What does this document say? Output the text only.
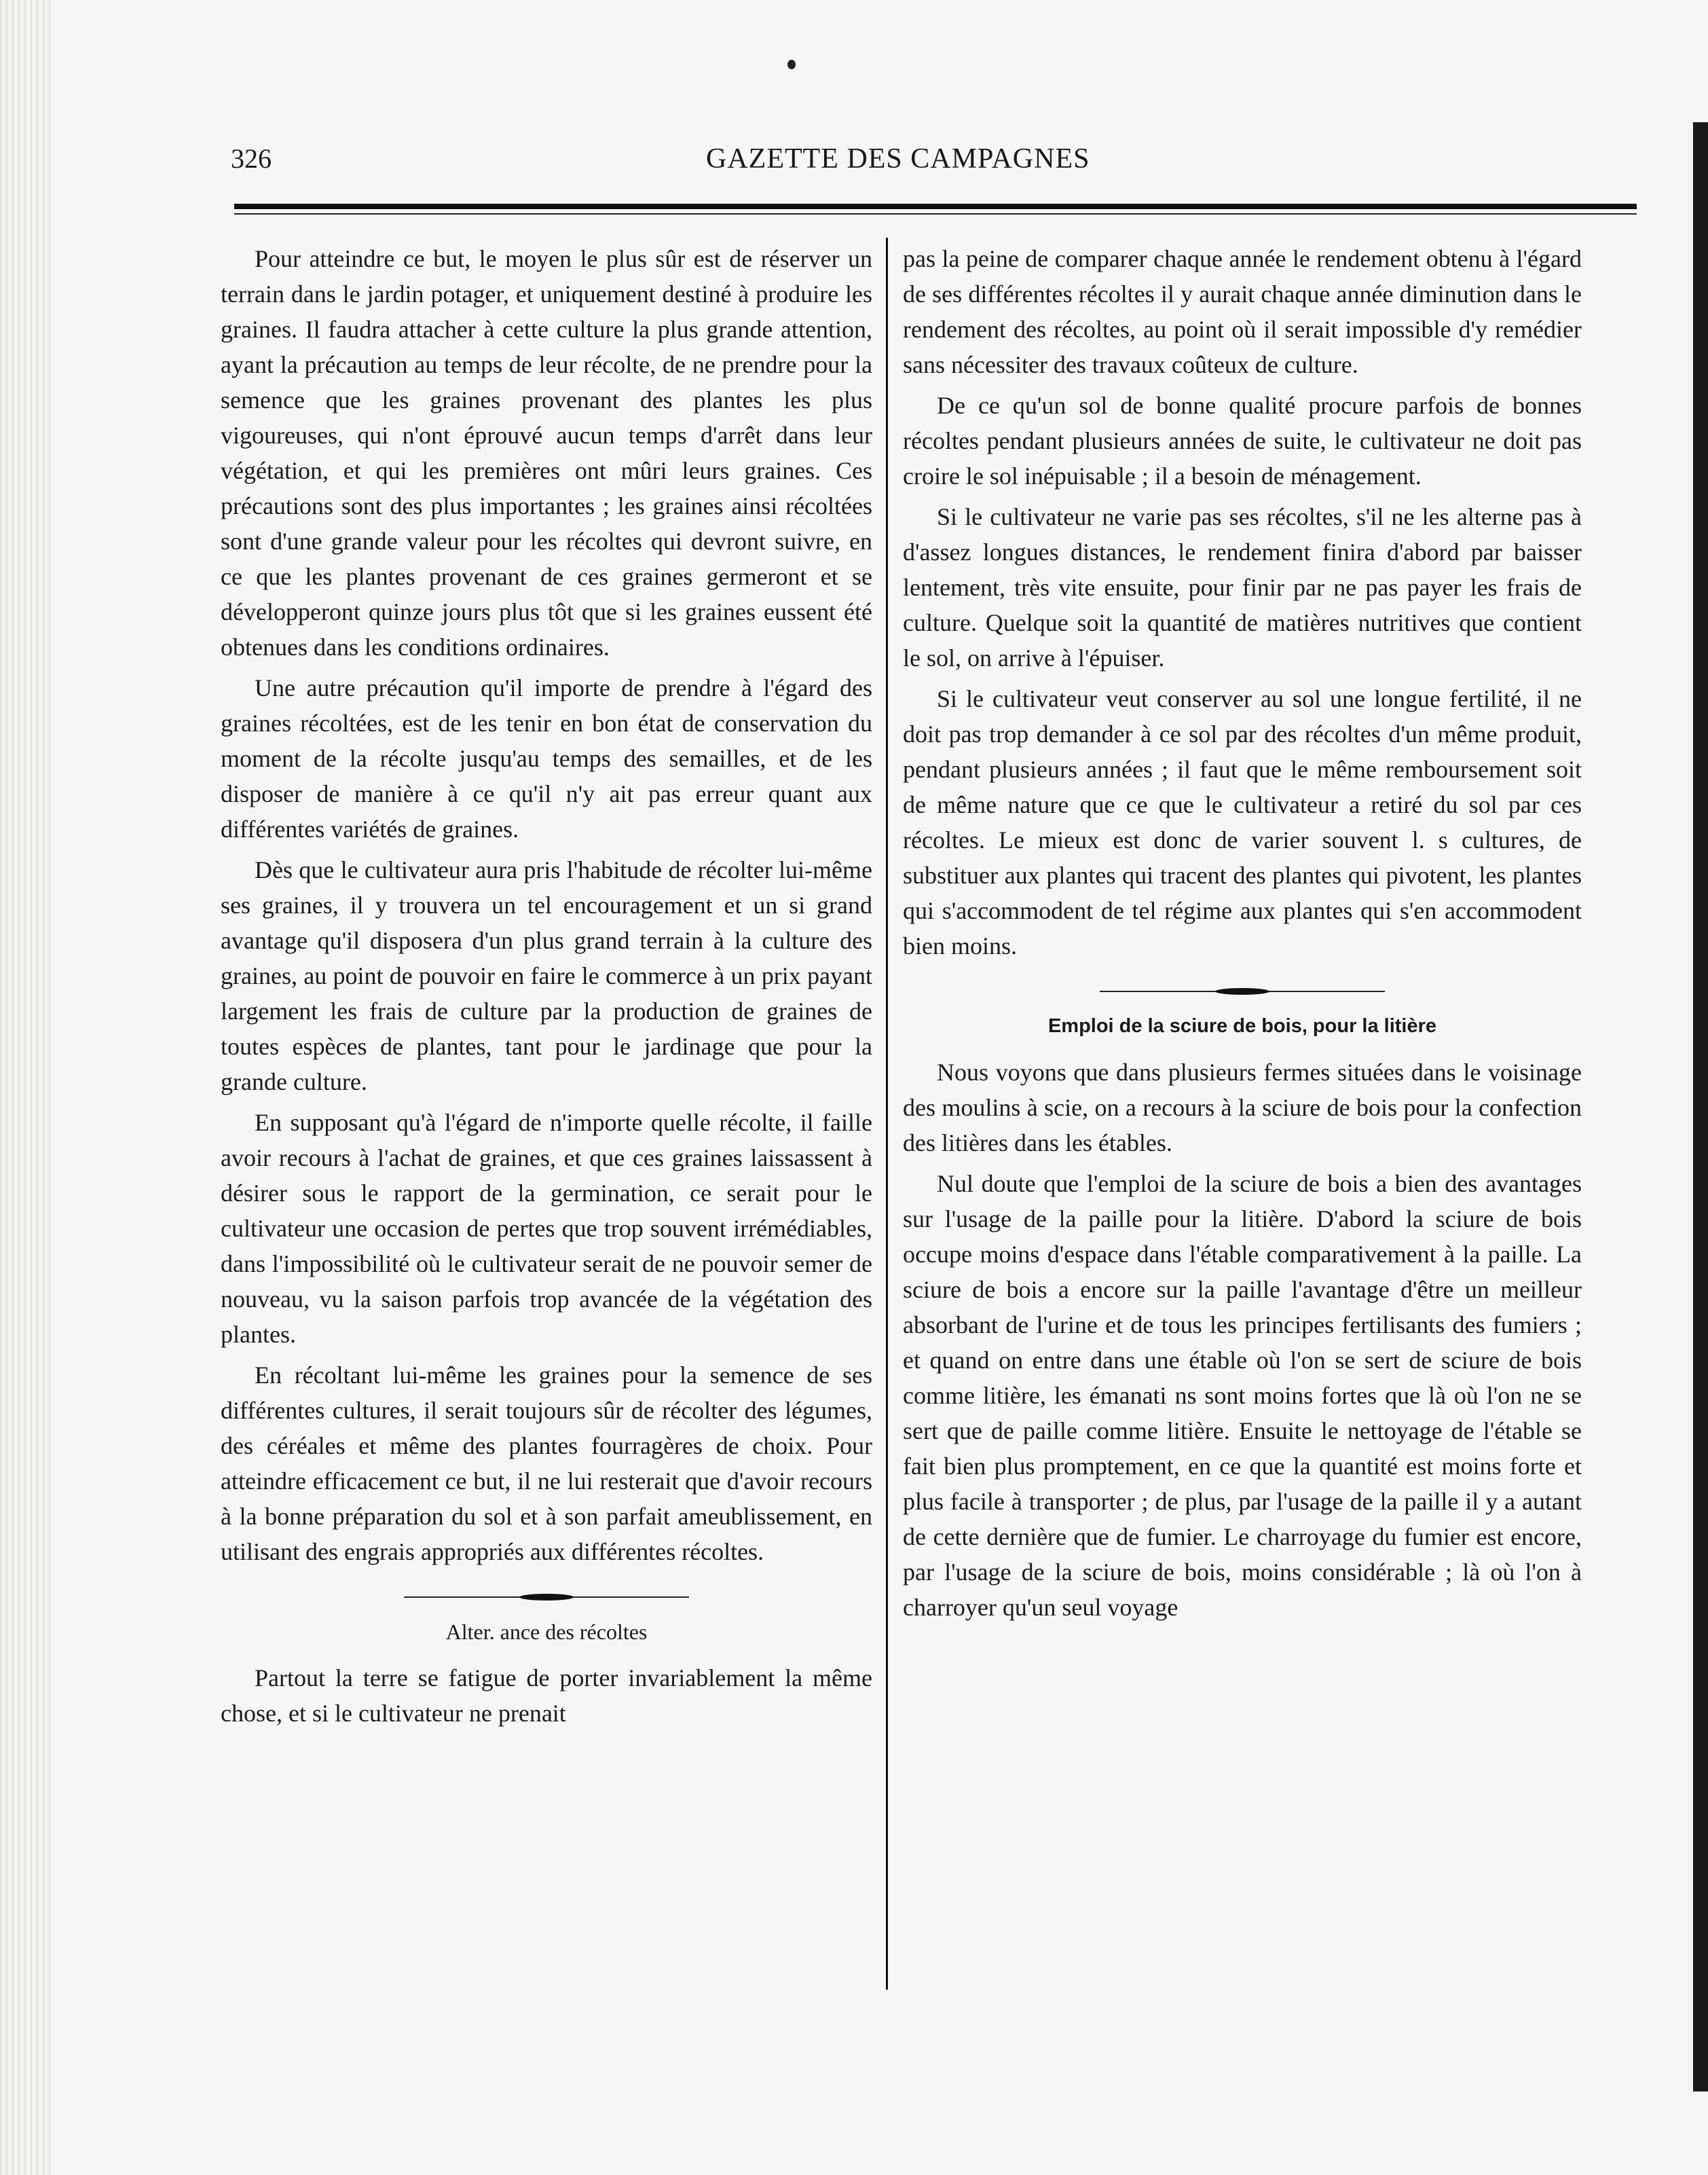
326	GAZETTE DES CAMPAGNES

Pour atteindre ce but, le moyen le plus sûr est de réserver un terrain dans le jardin potager, et uniquement destiné à produire les graines. Il faudra attacher à cette culture la plus grande attention, ayant la précaution au temps de leur récolte, de ne prendre pour la semence que les graines provenant des plantes les plus vigoureuses, qui n'ont éprouvé aucun temps d'arrêt dans leur végétation, et qui les premières ont mûri leurs graines. Ces précautions sont des plus importantes ; les graines ainsi récoltées sont d'une grande valeur pour les récoltes qui devront suivre, en ce que les plantes provenant de ces graines germeront et se développeront quinze jours plus tôt que si les graines eussent été obtenues dans les conditions ordinaires.

Une autre précaution qu'il importe de prendre à l'égard des graines récoltées, est de les tenir en bon état de conservation du moment de la récolte jusqu'au temps des semailles, et de les disposer de manière à ce qu'il n'y ait pas erreur quant aux différentes variétés de graines.

Dès que le cultivateur aura pris l'habitude de récolter lui-même ses graines, il y trouvera un tel encouragement et un si grand avantage qu'il disposera d'un plus grand terrain à la culture des graines, au point de pouvoir en faire le commerce à un prix payant largement les frais de culture par la production de graines de toutes espèces de plantes, tant pour le jardinage que pour la grande culture.

En supposant qu'à l'égard de n'importe quelle récolte, il faille avoir recours à l'achat de graines, et que ces graines laissassent à désirer sous le rapport de la germination, ce serait pour le cultivateur une occasion de pertes que trop souvent irrémédiables, dans l'impossibilité où le cultivateur serait de ne pouvoir semer de nouveau, vu la saison parfois trop avancée de la végétation des plantes.

En récoltant lui-même les graines pour la semence de ses différentes cultures, il serait toujours sûr de récolter des légumes, des céréales et même des plantes fourragères de choix. Pour atteindre efficacement ce but, il ne lui resterait que d'avoir recours à la bonne préparation du sol et à son parfait ameublissement, en utilisant des engrais appropriés aux différentes récoltes.

Alter. ance des récoltes

Partout la terre se fatigue de porter invariablement la même chose, et si le cultivateur ne prenait

pas la peine de comparer chaque année le rendement obtenu à l'égard de ses différentes récoltes il y aurait chaque année diminution dans le rendement des récoltes, au point où il serait impossible d'y remédier sans nécessiter des travaux coûteux de culture.

De ce qu'un sol de bonne qualité procure parfois de bonnes récoltes pendant plusieurs années de suite, le cultivateur ne doit pas croire le sol inépuisable ; il a besoin de ménagement.

Si le cultivateur ne varie pas ses récoltes, s'il ne les alterne pas à d'assez longues distances, le rendement finira d'abord par baisser lentement, très vite ensuite, pour finir par ne pas payer les frais de culture. Quelque soit la quantité de matières nutritives que contient le sol, on arrive à l'épuiser.

Si le cultivateur veut conserver au sol une longue fertilité, il ne doit pas trop demander à ce sol par des récoltes d'un même produit, pendant plusieurs années ; il faut que le même remboursement soit de même nature que ce que le cultivateur a retiré du sol par ces récoltes. Le mieux est donc de varier souvent l. s cultures, de substituer aux plantes qui tracent des plantes qui pivotent, les plantes qui s'accommodent de tel régime aux plantes qui s'en accommodent bien moins.

Emploi de la sciure de bois, pour la litière

Nous voyons que dans plusieurs fermes situées dans le voisinage des moulins à scie, on a recours à la sciure de bois pour la confection des litières dans les étables.

Nul doute que l'emploi de la sciure de bois a bien des avantages sur l'usage de la paille pour la litière. D'abord la sciure de bois occupe moins d'espace dans l'étable comparativement à la paille. La sciure de bois a encore sur la paille l'avantage d'être un meilleur absorbant de l'urine et de tous les principes fertilisants des fumiers ; et quand on entre dans une étable où l'on se sert de sciure de bois comme litière, les émanati ns sont moins fortes que là où l'on ne se sert que de paille comme litière. Ensuite le nettoyage de l'étable se fait bien plus promptement, en ce que la quantité est moins forte et plus facile à transporter ; de plus, par l'usage de la paille il y a autant de cette dernière que de fumier. Le charroyage du fumier est encore, par l'usage de la sciure de bois, moins considérable ; là où l'on à charroyer qu'un seul voyage
